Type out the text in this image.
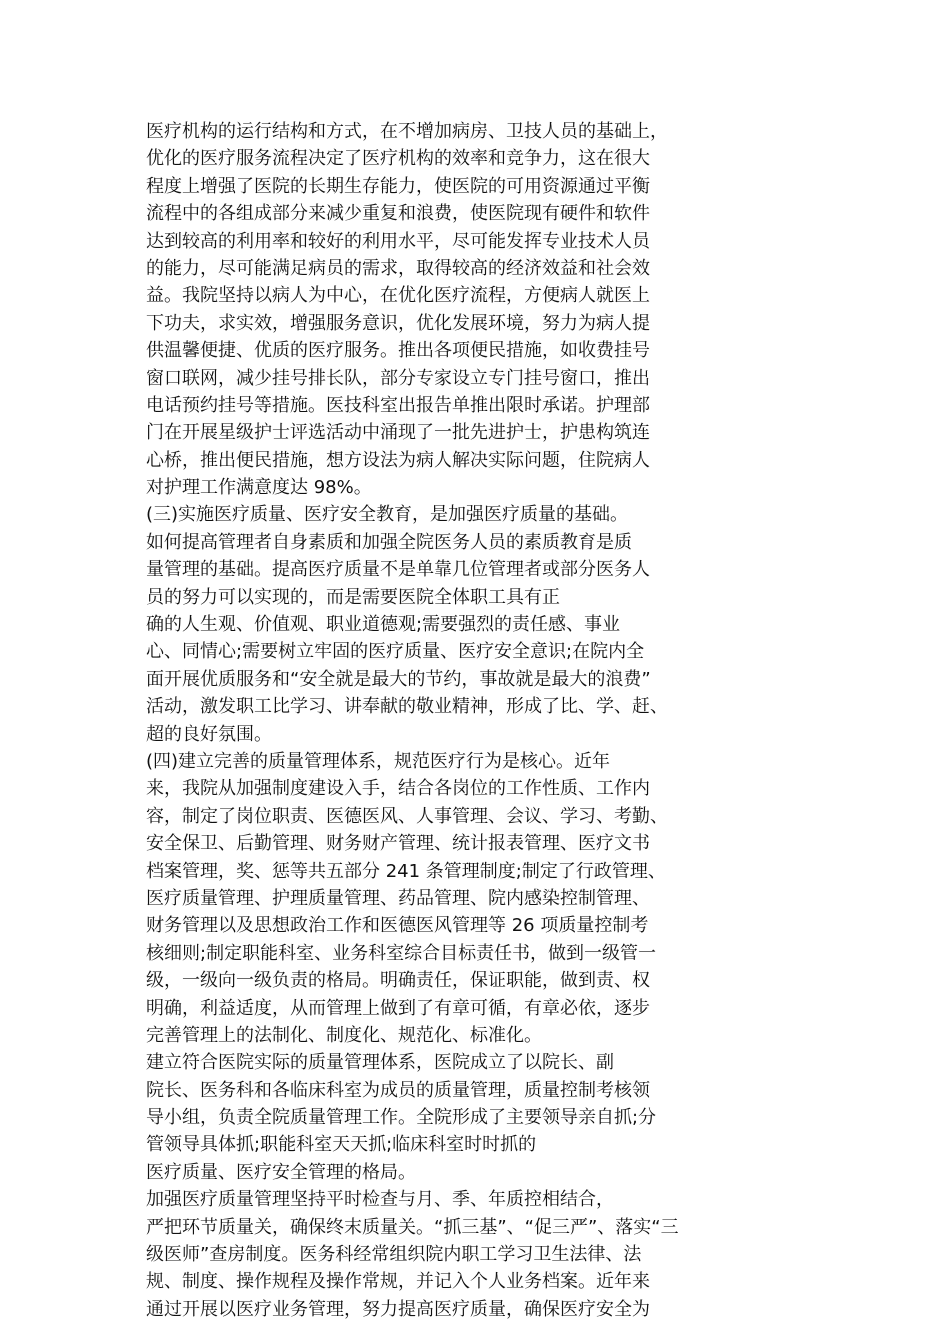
医疗机构的运行结构和方式，在不增加病房、卫技人员的基础上，
优化的医疗服务流程决定了医疗机构的效率和竞争力，这在很大
程度上增强了医院的长期生存能力，使医院的可用资源通过平衡
流程中的各组成部分来减少重复和浪费，使医院现有硬件和软件
达到较高的利用率和较好的利用水平，尽可能发挥专业技术人员
的能力，尽可能满足病员的需求，取得较高的经济效益和社会效
益。我院坚持以病人为中心，在优化医疗流程，方便病人就医上
下功夫，求实效，增强服务意识，优化发展环境，努力为病人提
供温馨便捷、优质的医疗服务。推出各项便民措施，如收费挂号
窗口联网，减少挂号排长队，部分专家设立专门挂号窗口，推出
电话预约挂号等措施。医技科室出报告单推出限时承诺。护理部
门在开展星级护士评选活动中涌现了一批先进护士，护患构筑连
心桥，推出便民措施，想方设法为病人解决实际问题，住院病人
对护理工作满意度达 98%。
(三)实施医疗质量、医疗安全教育，是加强医疗质量的基础。
如何提高管理者自身素质和加强全院医务人员的素质教育是质
量管理的基础。提高医疗质量不是单靠几位管理者或部分医务人
员的努力可以实现的，而是需要医院全体职工具有正
确的人生观、价值观、职业道德观;需要强烈的责任感、事业
心、同情心;需要树立牢固的医疗质量、医疗安全意识;在院内全
面开展优质服务和“安全就是最大的节约，事故就是最大的浪费”
活动，激发职工比学习、讲奉献的敬业精神，形成了比、学、赶、
超的良好氛围。
(四)建立完善的质量管理体系，规范医疗行为是核心。近年
来，我院从加强制度建设入手，结合各岗位的工作性质、工作内
容，制定了岗位职责、医德医风、人事管理、会议、学习、考勤、
安全保卫、后勤管理、财务财产管理、统计报表管理、医疗文书
档案管理，奖、惩等共五部分 241 条管理制度;制定了行政管理、
医疗质量管理、护理质量管理、药品管理、院内感染控制管理、
财务管理以及思想政治工作和医德医风管理等 26 项质量控制考
核细则;制定职能科室、业务科室综合目标责任书，做到一级管一
级，一级向一级负责的格局。明确责任，保证职能，做到责、权
明确，利益适度，从而管理上做到了有章可循，有章必依，逐步
完善管理上的法制化、制度化、规范化、标准化。
建立符合医院实际的质量管理体系，医院成立了以院长、副
院长、医务科和各临床科室为成员的质量管理，质量控制考核领
导小组，负责全院质量管理工作。全院形成了主要领导亲自抓;分
管领导具体抓;职能科室天天抓;临床科室时时抓的
医疗质量、医疗安全管理的格局。
加强医疗质量管理坚持平时检查与月、季、年质控相结合，
严把环节质量关，确保终末质量关。“抓三基”、“促三严”、落实“三
级医师”查房制度。医务科经常组织院内职工学习卫生法律、法
规、制度、操作规程及操作常规，并记入个人业务档案。近年来
通过开展以医疗业务管理，努力提高医疗质量，确保医疗安全为
